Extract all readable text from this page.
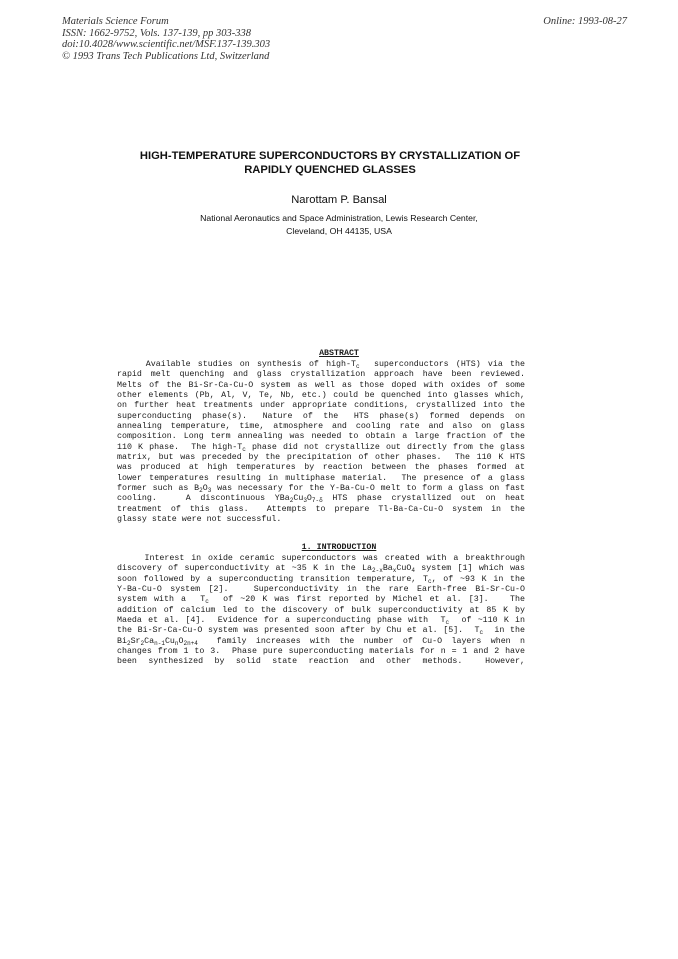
Materials Science Forum
ISSN: 1662-9752, Vols. 137-139, pp 303-338
doi:10.4028/www.scientific.net/MSF.137-139.303
© 1993 Trans Tech Publications Ltd, Switzerland
Online: 1993-08-27
HIGH-TEMPERATURE SUPERCONDUCTORS BY CRYSTALLIZATION OF
RAPIDLY QUENCHED GLASSES
Narottam P. Bansal
National Aeronautics and Space Administration, Lewis Research Center,
Cleveland, OH 44135, USA
ABSTRACT
Available studies on synthesis of high-$T_c$  superconductors (HTS) via the
rapid melt quenching and glass crystallization approach have been reviewed.
Melts of the Bi-Sr-Ca-Cu-O system as well as those doped with oxides of some
other elements (Pb, Al, V, Te, Nb, etc.) could be quenched into glasses which,
on further heat treatments under appropriate conditions, crystallized into the
superconducting  phase(s).   Nature  of  the   HTS  phase(s)  formed  depends  on
annealing temperature, time, atmosphere and cooling rate and also on glass
composition. Long term annealing was needed to obtain a large fraction of the
110 K phase.  The high-$T_c$ phase did not crystallize out directly from the glass
matrix, but was preceded by the precipitation of other phases.  The 110 K HTS
was produced at high temperatures by reaction between the phases formed at
lower temperatures resulting in multiphase material.  The presence of a glass
former such as $B_2O_3$ was necessary for the Y-Ba-Cu-O melt to form a glass on fast
cooling.   A discontinuous $YBa_2Cu_3O_{7-\delta}$ HTS phase crystallized out on heat
treatment of this glass.  Attempts to prepare Tl-Ba-Ca-Cu-O system in the
glassy state were not successful.
1. INTRODUCTION
Interest in oxide ceramic superconductors was created with a breakthrough
discovery of superconductivity at ~35 K in the $La_{2-x}Ba_xCuO_4$ system [1] which was
soon followed by a superconducting transition temperature, $T_c$, of ~93 K in the
Y-Ba-Cu-O system [2].   Superconductivity in the rare Earth-free Bi-Sr-Cu-O
system with a  $T_c$  of ~20 K was first reported by Michel et al. [3].   The
addition of calcium led to the discovery of bulk superconductivity at 85 K by
Maeda et al. [4].  Evidence for a superconducting phase with  $T_c$  of ~110 K in
the Bi-Sr-Ca-Cu-O system was presented soon after by Chu et al. [5].  $T_c$  in the
$Bi_2Sr_2Ca_{n-1}Cu_nO_{2n+4}$  family increases with the number of Cu-O layers when n
changes from 1 to 3.  Phase pure superconducting materials for n = 1 and 2 have
been  synthesized  by  solid  state  reaction  and  other  methods.    However,
